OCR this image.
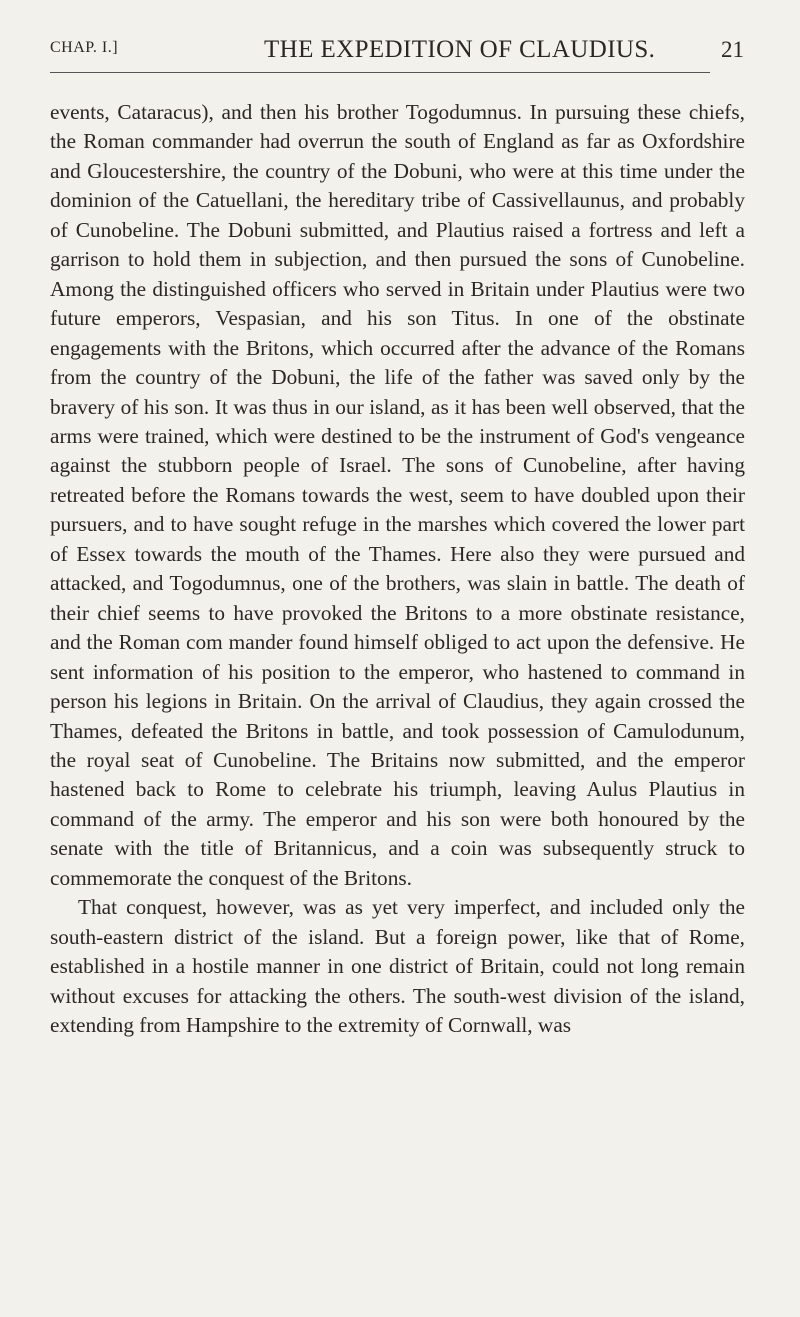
CHAP. I.]	THE EXPEDITION OF CLAUDIUS.	21

events, Cataracus), and then his brother Togodumnus. In pursuing these chiefs, the Roman commander had overrun the south of England as far as Oxfordshire and Gloucestershire, the country of the Dobuni, who were at this time under the dominion of the Catuellani, the hereditary tribe of Cassivellaunus, and probably of Cunobeline. The Dobuni submitted, and Plautius raised a fortress and left a garrison to hold them in subjection, and then pursued the sons of Cunobeline. Among the distinguished officers who served in Britain under Plautius were two future emperors, Vespasian, and his son Titus. In one of the obstinate engagements with the Britons, which occurred after the advance of the Romans from the country of the Dobuni, the life of the father was saved only by the bravery of his son. It was thus in our island, as it has been well observed, that the arms were trained, which were destined to be the instrument of God's vengeance against the stubborn people of Israel. The sons of Cunobeline, after having retreated before the Romans towards the west, seem to have doubled upon their pursuers, and to have sought refuge in the marshes which covered the lower part of Essex towards the mouth of the Thames. Here also they were pursued and attacked, and Togodumnus, one of the brothers, was slain in battle. The death of their chief seems to have provoked the Britons to a more obstinate resistance, and the Roman com mander found himself obliged to act upon the defensive. He sent information of his position to the emperor, who hastened to command in person his legions in Britain. On the arrival of Claudius, they again crossed the Thames, defeated the Britons in battle, and took possession of Camulodunum, the royal seat of Cunobeline. The Britains now submitted, and the emperor hastened back to Rome to celebrate his triumph, leaving Aulus Plautius in command of the army. The emperor and his son were both honoured by the senate with the title of Britannicus, and a coin was subsequently struck to commemorate the conquest of the Britons.

That conquest, however, was as yet very imperfect, and included only the south-eastern district of the island. But a foreign power, like that of Rome, established in a hostile manner in one district of Britain, could not long remain without excuses for attacking the others. The south-west division of the island, extending from Hampshire to the extremity of Cornwall, was
